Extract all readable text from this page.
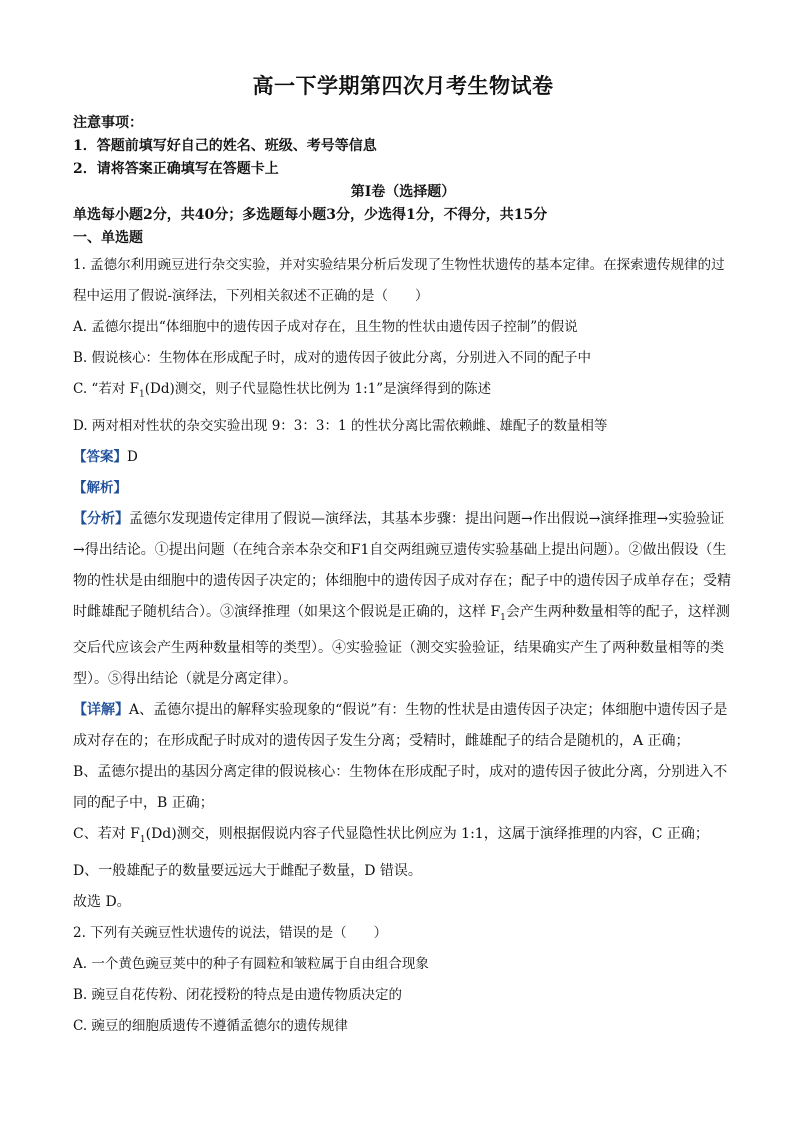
高一下学期第四次月考生物试卷

注意事项：

1．答题前填写好自己的姓名、班级、考号等信息

2．请将答案正确填写在答题卡上

第Ⅰ卷（选择题）

单选每小题2分，共40分；多选题每小题3分，少选得1分，不得分，共15分

一、单选题

1. 孟德尔利用豌豆进行杂交实验，并对实验结果分析后发现了生物性状遗传的基本定律。在探索遗传规律的过程中运用了假说-演绎法，下列相关叙述不正确的是（　　）

A. 孟德尔提出“体细胞中的遗传因子成对存在，且生物的性状由遗传因子控制”的假说

B. 假说核心：生物体在形成配子时，成对的遗传因子彼此分离，分别进入不同的配子中

C. “若对 $F_1(Dd)$测交，则子代显隐性状比例为 1:1”是演绎得到的陈述

D. 两对相对性状的杂交实验出现 9：3：3：1 的性状分离比需依赖雌、雄配子的数量相等

【答案】D

【解析】

【分析】孟德尔发现遗传定律用了假说—演绎法，其基本步骤：提出问题→作出假说→演绎推理→实验验证→得出结论。①提出问题（在纯合亲本杂交和F1自交两组豌豆遗传实验基础上提出问题）。②做出假设（生物的性状是由细胞中的遗传因子决定的；体细胞中的遗传因子成对存在；配子中的遗传因子成单存在；受精时雌雄配子随机结合）。③演绎推理（如果这个假说是正确的，这样 $F_1$会产生两种数量相等的配子，这样测交后代应该会产生两种数量相等的类型）。④实验验证（测交实验验证，结果确实产生了两种数量相等的类型）。⑤得出结论（就是分离定律）。

【详解】A、孟德尔提出的解释实验现象的“假说”有：生物的性状是由遗传因子决定；体细胞中遗传因子是成对存在的；在形成配子时成对的遗传因子发生分离；受精时，雌雄配子的结合是随机的，A 正确；

B、孟德尔提出的基因分离定律的假说核心：生物体在形成配子时，成对的遗传因子彼此分离，分别进入不同的配子中，B 正确；

C、若对 $F_1(Dd)$测交，则根据假说内容子代显隐性状比例应为 1:1，这属于演绎推理的内容，C 正确；

D、一般雄配子的数量要远远大于雌配子数量，D 错误。

故选 D。

2. 下列有关豌豆性状遗传的说法，错误的是（　　）

A. 一个黄色豌豆荚中的种子有圆粒和皱粒属于自由组合现象

B. 豌豆自花传粉、闭花授粉的特点是由遗传物质决定的

C. 豌豆的细胞质遗传不遵循孟德尔的遗传规律
